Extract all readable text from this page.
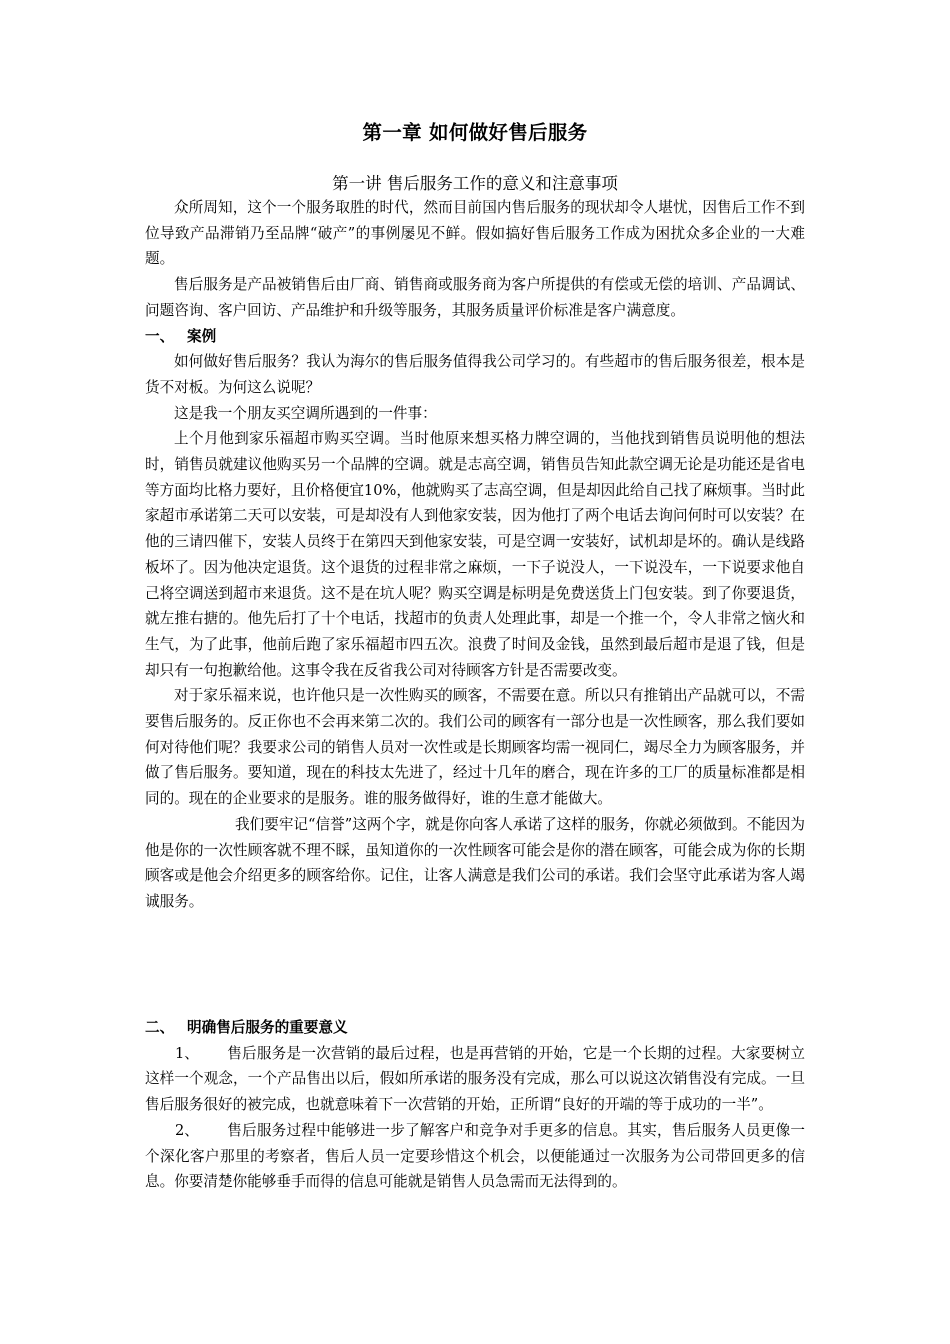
第一章 如何做好售后服务
第一讲 售后服务工作的意义和注意事项

众所周知，这个一个服务取胜的时代，然而目前国内售后服务的现状却令人堪忧，因售后工作不到位导致产品滞销乃至品牌“破产”的事例屡见不鲜。假如搞好售后服务工作成为困扰众多企业的一大难题。

售后服务是产品被销售后由厂商、销售商或服务商为客户所提供的有偿或无偿的培训、产品调试、问题咨询、客户回访、产品维护和升级等服务，其服务质量评价标准是客户满意度。

一、 案例

如何做好售后服务？我认为海尔的售后服务值得我公司学习的。有些超市的售后服务很差，根本是货不对板。为何这么说呢？

这是我一个朋友买空调所遇到的一件事：

上个月他到家乐福超市购买空调。当时他原来想买格力牌空调的，当他找到销售员说明他的想法时，销售员就建议他购买另一个品牌的空调。就是志高空调，销售员告知此款空调无论是功能还是省电等方面均比格力要好，且价格便宜10%，他就购买了志高空调，但是却因此给自己找了麻烦事。当时此家超市承诺第二天可以安装，可是却没有人到他家安装，因为他打了两个电话去询问何时可以安装？在他的三请四催下，安装人员终于在第四天到他家安装，可是空调一安装好，试机却是坏的。确认是线路板坏了。因为他决定退货。这个退货的过程非常之麻烦，一下子说没人，一下说没车，一下说要求他自己将空调送到超市来退货。这不是在坑人呢？购买空调是标明是免费送货上门包安装。到了你要退货，就左推右搪的。他先后打了十个电话，找超市的负责人处理此事，却是一个推一个，令人非常之恼火和生气，为了此事，他前后跑了家乐福超市四五次。浪费了时间及金钱，虽然到最后超市是退了钱，但是却只有一句抱歉给他。这事令我在反省我公司对待顾客方针是否需要改变。

对于家乐福来说，也许他只是一次性购买的顾客，不需要在意。所以只有推销出产品就可以，不需要售后服务的。反正你也不会再来第二次的。我们公司的顾客有一部分也是一次性顾客，那么我们要如何对待他们呢？我要求公司的销售人员对一次性或是长期顾客均需一视同仁，竭尽全力为顾客服务，并做了售后服务。要知道，现在的科技太先进了，经过十几年的磨合，现在许多的工厂的质量标准都是相同的。现在的企业要求的是服务。谁的服务做得好，谁的生意才能做大。

我们要牢记“信誉”这两个字，就是你向客人承诺了这样的服务，你就必须做到。不能因为他是你的一次性顾客就不理不睬，虽知道你的一次性顾客可能会是你的潜在顾客，可能会成为你的长期顾客或是他会介绍更多的顾客给你。记住，让客人满意是我们公司的承诺。我们会坚守此承诺为客人竭诚服务。

二、 明确售后服务的重要意义

1、 售后服务是一次营销的最后过程，也是再营销的开始，它是一个长期的过程。大家要树立这样一个观念，一个产品售出以后，假如所承诺的服务没有完成，那么可以说这次销售没有完成。一旦售后服务很好的被完成，也就意味着下一次营销的开始，正所谓“良好的开端的等于成功的一半”。

2、 售后服务过程中能够进一步了解客户和竞争对手更多的信息。其实，售后服务人员更像一个深化客户那里的考察者，售后人员一定要珍惜这个机会，以便能通过一次服务为公司带回更多的信息。你要清楚你能够垂手而得的信息可能就是销售人员急需而无法得到的。
